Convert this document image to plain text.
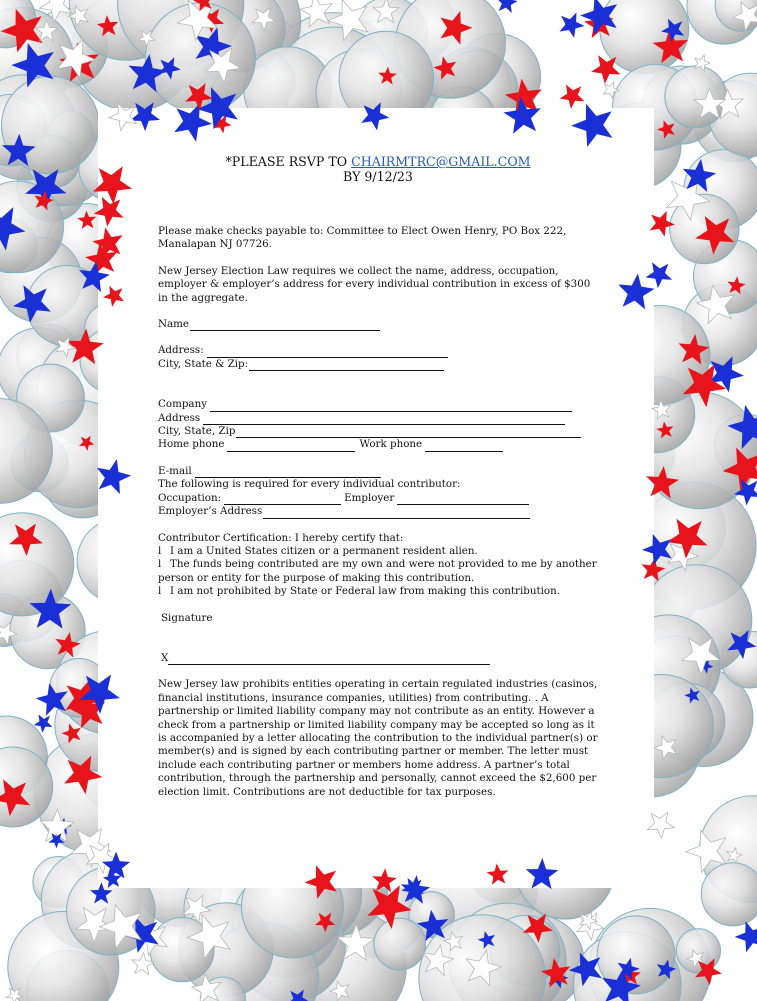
*PLEASE RSVP TO CHAIRMTRC@GMAIL.COM
BY 9/12/23

Please make checks payable to: Committee to Elect Owen Henry, PO Box 222, Manalapan NJ 07726.

New Jersey Election Law requires we collect the name, address, occupation, employer & employer’s address for every individual contribution in excess of $300 in the aggregate.

Name
Address:
City, State & Zip:
Company
Address
City, State, Zip
Home phone	Work phone
E-mail

The following is required for every individual contributor:

Occupation:	Employer
Employer’s Address

Contributor Certification: I hereby certify that:

l I am a United States citizen or a permanent resident alien.

l The funds being contributed are my own and were not provided to me by another person or entity for the purpose of making this contribution.

l I am not prohibited by State or Federal law from making this contribution.

Signature

X

New Jersey law prohibits entities operating in certain regulated industries (casinos, financial institutions, insurance companies, utilities) from contributing. . A partnership or limited liability company may not contribute as an entity. However a check from a partnership or limited liability company may be accepted so long as it is accompanied by a letter allocating the contribution to the individual partner(s) or member(s) and is signed by each contributing partner or member. The letter must include each contributing partner or members home address. A partner’s total contribution, through the partnership and personally, cannot exceed the $2,600 per election limit. Contributions are not deductible for tax purposes.
